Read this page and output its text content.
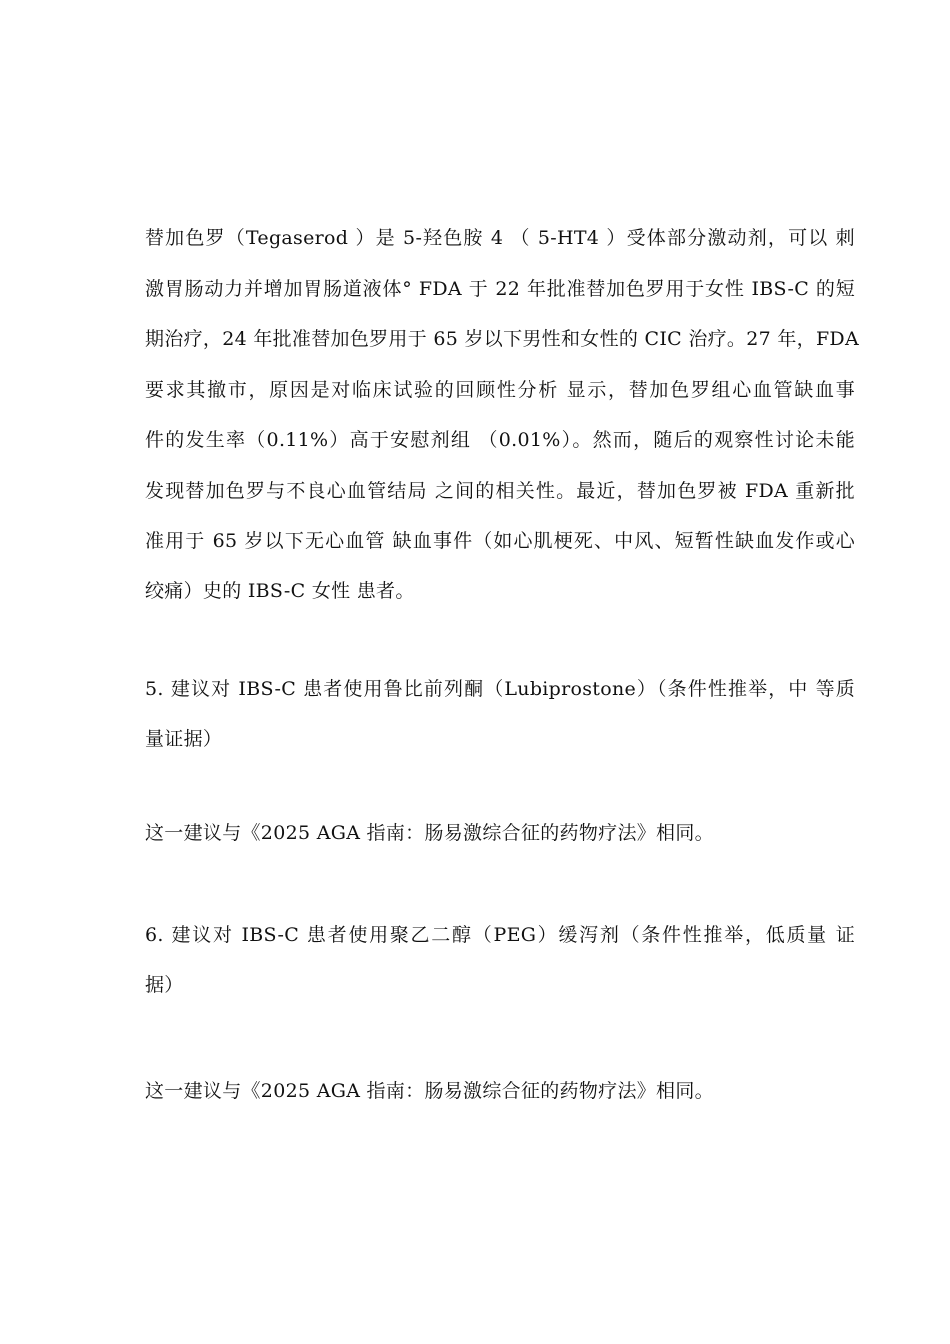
替加色罗（Tegaserod ）是 5-羟色胺 4 （ 5-HT4 ）受体部分激动剂，可以 刺
激胃肠动力并增加胃肠道液体° FDA 于 22 年批准替加色罗用于女性 IBS-C 的短
期治疗，24 年批准替加色罗用于 65 岁以下男性和女性的 CIC 治疗。27 年，FDA
要求其撤市，原因是对临床试验的回顾性分析 显示，替加色罗组心血管缺血事
件的发生率（0.11%）高于安慰剂组 （0.01%）。然而，随后的观察性讨论未能
发现替加色罗与不良心血管结局 之间的相关性。最近，替加色罗被 FDA 重新批
准用于 65 岁以下无心血管 缺血事件（如心肌梗死、中风、短暂性缺血发作或心
绞痛）史的 IBS-C 女性 患者。
5. 建议对 IBS-C 患者使用鲁比前列酮（Lubiprostone）（条件性推举，中 等质
量证据）
这一建议与《2025 AGA 指南：肠易激综合征的药物疗法》相同。
6. 建议对 IBS-C 患者使用聚乙二醇（PEG）缓泻剂（条件性推举，低质量 证
据）
这一建议与《2025 AGA 指南：肠易激综合征的药物疗法》相同。
